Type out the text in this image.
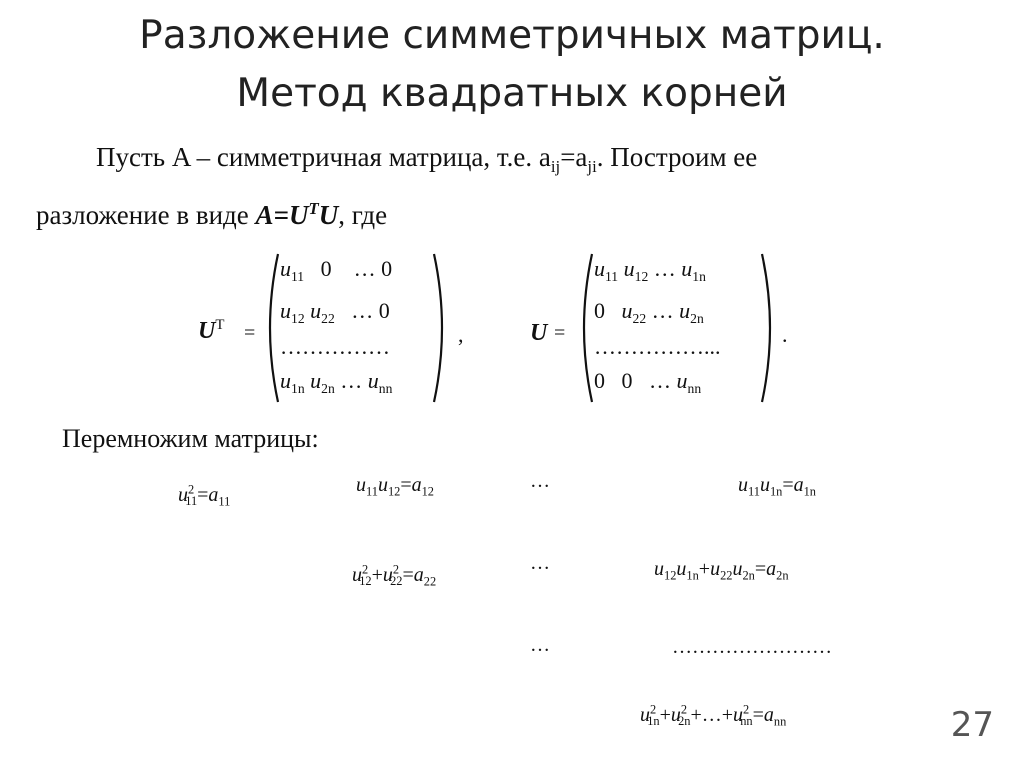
Разложение симметричных матриц.
Метод квадратных корней
Пусть A – симметричная матрица, т.е. $a_{ij}=a_{ji}$. Построим ее
разложение в виде $A=U^TU$, где
$U^T$ =	,
$u_{11}$   0    … 0
$u_{12}$ $u_{22}$   … 0
……………
$u_{1n}$ $u_{2n}$ … $u_{nn}$
U =	.
$u_{11}$ $u_{12}$ … $u_{1n}$
0   $u_{22}$ … $u_{2n}$
……………...
0   0   … $u_{nn}$
Перемножим матрицы:
$u^2_{11}=a_{11}$
$u_{11}u_{12}=a_{12}$	…	$u_{11}u_{1n}=a_{1n}$
$u^2_{12}+u^2_{22}=a_{22}$
…	$u_{12}u_{1n}+u_{22}u_{2n}=a_{2n}$
…	……………………
$u^2_{1n}+u^2_{2n}+\dots+u^2_{nn}=a_{nn}$	27
